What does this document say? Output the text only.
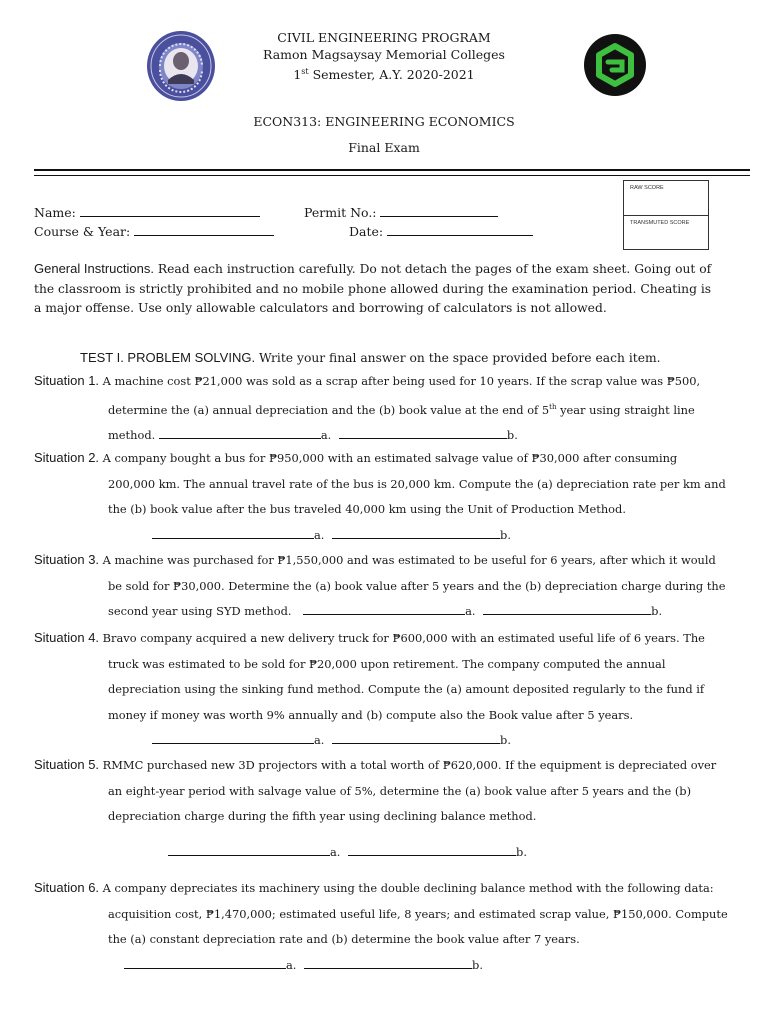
CIVIL ENGINEERING PROGRAM
Ramon Magsaysay Memorial Colleges
1st Semester, A.Y. 2020-2021
ECON313: ENGINEERING ECONOMICS
Final Exam
RAW SCORE
TRANSMUTED SCORE
Name:	Permit No.:
Course & Year:	Date:
General Instructions. Read each instruction carefully. Do not detach the pages of the exam sheet. Going out of
the classroom is strictly prohibited and no mobile phone allowed during the examination period. Cheating is
a major offense. Use only allowable calculators and borrowing of calculators is not allowed.
TEST I. PROBLEM SOLVING. Write your final answer on the space provided before each item.
Situation 1. A machine cost ₱21,000 was sold as a scrap after being used for 10 years. If the scrap value was ₱500,
determine the (a) annual depreciation and the (b) book value at the end of 5th year using straight line
method.	a.	b.
Situation 2. A company bought a bus for ₱950,000 with an estimated salvage value of ₱30,000 after consuming
200,000 km. The annual travel rate of the bus is 20,000 km. Compute the (a) depreciation rate per km and
the (b) book value after the bus traveled 40,000 km using the Unit of Production Method.
a.	b.
Situation 3. A machine was purchased for ₱1,550,000 and was estimated to be useful for 6 years, after which it would
be sold for ₱30,000. Determine the (a) book value after 5 years and the (b) depreciation charge during the
second year using SYD method.	a.	b.
Situation 4. Bravo company acquired a new delivery truck for ₱600,000 with an estimated useful life of 6 years. The
truck was estimated to be sold for ₱20,000 upon retirement. The company computed the annual
depreciation using the sinking fund method. Compute the (a) amount deposited regularly to the fund if
money if money was worth 9% annually and (b) compute also the Book value after 5 years.
a.	b.
Situation 5. RMMC purchased new 3D projectors with a total worth of ₱620,000. If the equipment is depreciated over
an eight-year period with salvage value of 5%, determine the (a) book value after 5 years and the (b)
depreciation charge during the fifth year using declining balance method.
a.	b.
Situation 6. A company depreciates its machinery using the double declining balance method with the following data:
acquisition cost, ₱1,470,000; estimated useful life, 8 years; and estimated scrap value, ₱150,000. Compute
the (a) constant depreciation rate and (b) determine the book value after 7 years.
a.	b.
